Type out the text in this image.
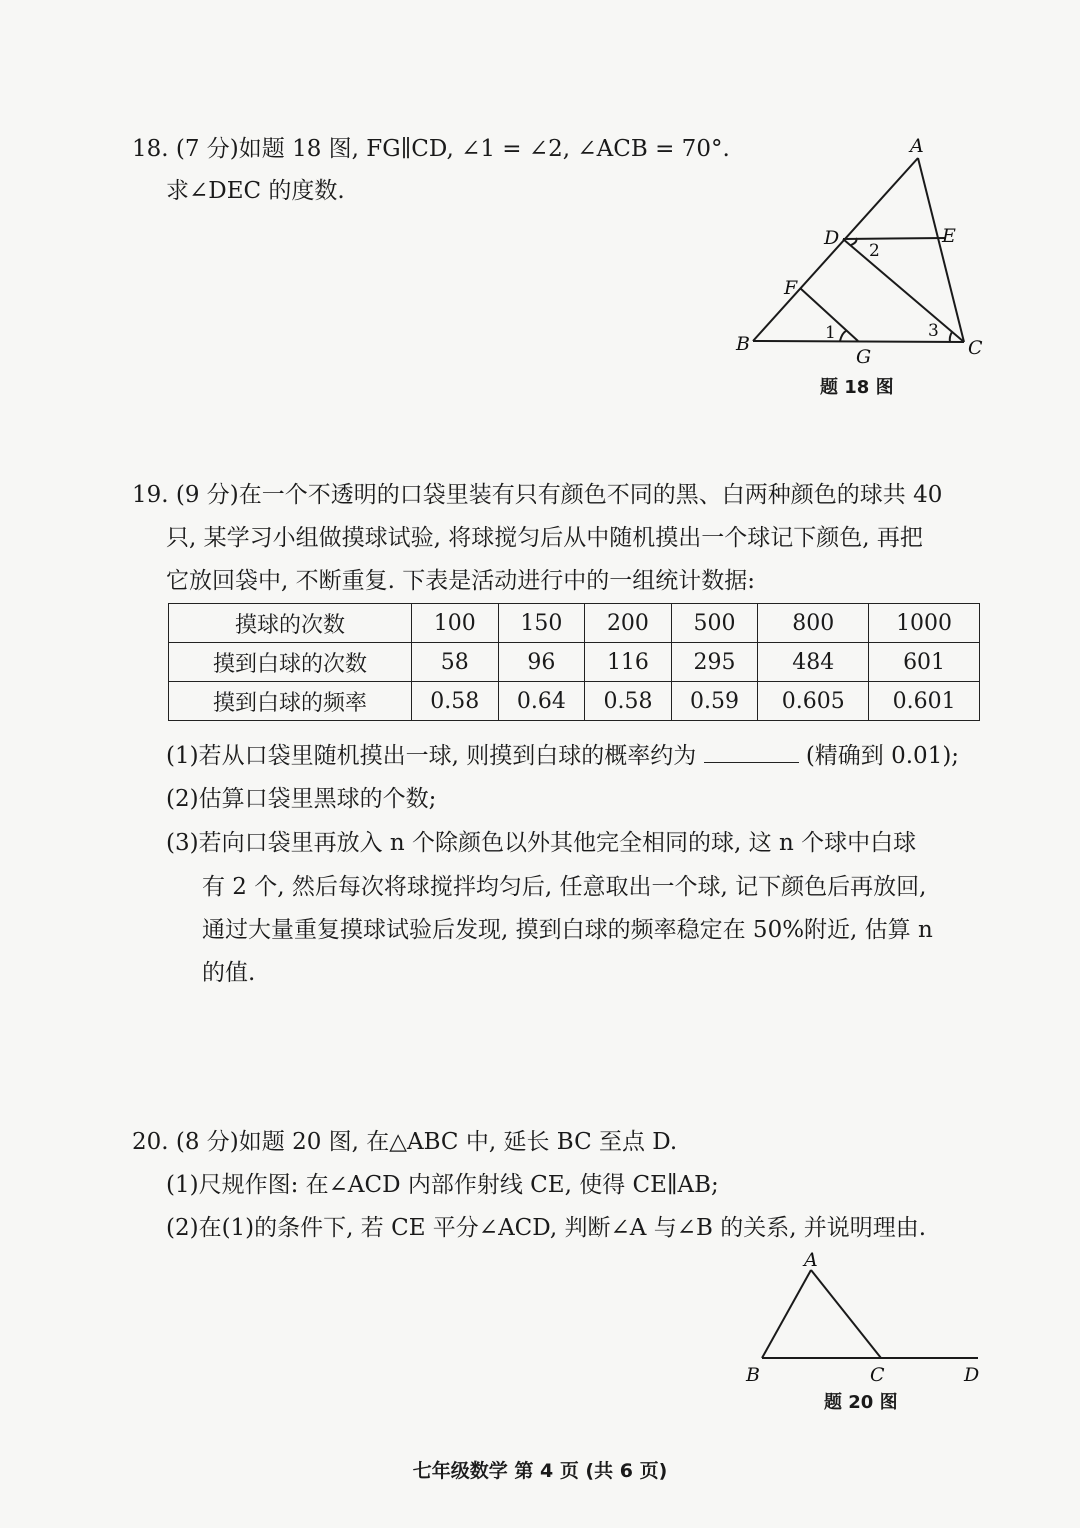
18. (7 分)如题 18 图, FG∥CD, ∠1 = ∠2, ∠ACB = 70°.
求∠DEC 的度数.
A
B	C
D	E
F
G
1
2
3
题 18 图
19. (9 分)在一个不透明的口袋里装有只有颜色不同的黑、白两种颜色的球共 40
只, 某学习小组做摸球试验, 将球搅匀后从中随机摸出一个球记下颜色, 再把
它放回袋中, 不断重复. 下表是活动进行中的一组统计数据:
摸球的次数	100	150	200	500	800	1000
摸到白球的次数	58	96	116	295	484	601
摸到白球的频率	0.58	0.64	0.58	0.59	0.605	0.601
(1)若从口袋里随机摸出一球, 则摸到白球的概率约为	(精确到 0.01);
(2)估算口袋里黑球的个数;
(3)若向口袋里再放入 n 个除颜色以外其他完全相同的球, 这 n 个球中白球
有 2 个, 然后每次将球搅拌均匀后, 任意取出一个球, 记下颜色后再放回,
通过大量重复摸球试验后发现, 摸到白球的频率稳定在 50%附近, 估算 n
的值.
20. (8 分)如题 20 图, 在△ABC 中, 延长 BC 至点 D.
(1)尺规作图: 在∠ACD 内部作射线 CE, 使得 CE∥AB;
(2)在(1)的条件下, 若 CE 平分∠ACD, 判断∠A 与∠B 的关系, 并说明理由.
A
B	C	D
题 20 图
七年级数学 第 4 页 (共 6 页)
